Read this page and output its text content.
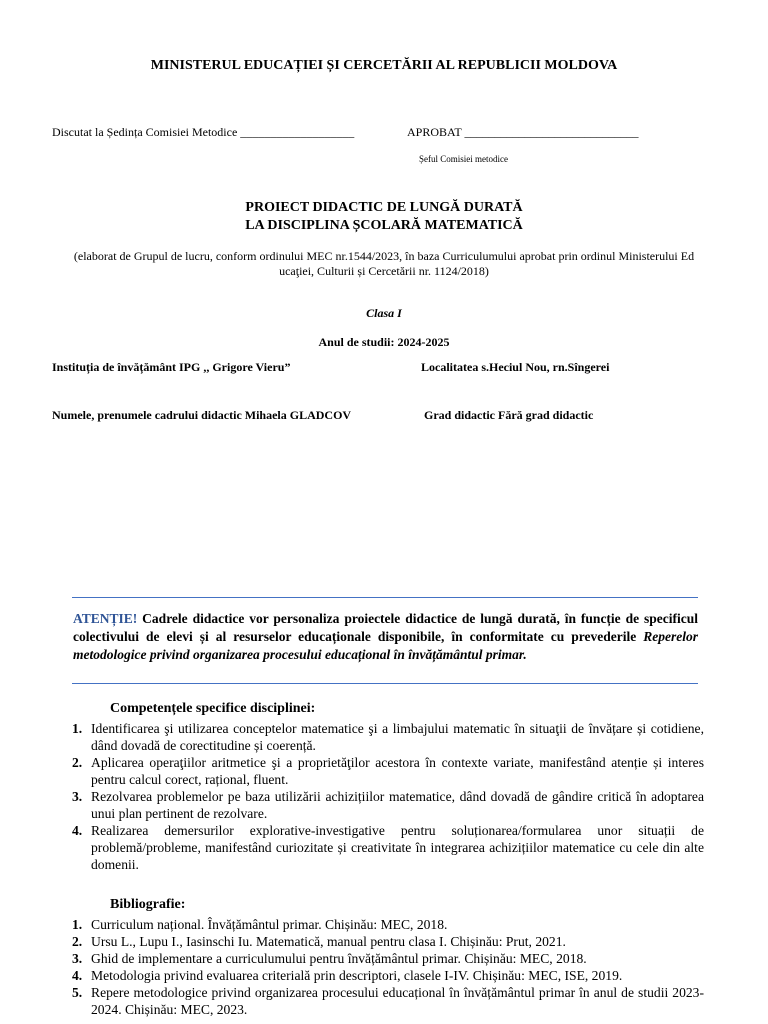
MINISTERUL EDUCAȚIEI ȘI CERCETĂRII AL REPUBLICII MOLDOVA
Discutat la Ședința Comisiei Metodice ___________________	APROBAT _____________________________
Șeful Comisiei metodice
PROIECT DIDACTIC DE LUNGĂ DURATĂ
LA DISCIPLINA ȘCOLARĂ MATEMATICĂ
(elaborat de Grupul de lucru, conform ordinului MEC nr.1544/2023, în baza Curriculumului aprobat prin ordinul Ministerului Ed
ucaţiei, Culturii și Cercetării nr. 1124/2018)
Clasa I
Anul de studii: 2024-2025
Instituția de învățământ IPG ,, Grigore Vieru”	Localitatea s.Heciul Nou, rn.Sîngerei
Numele, prenumele cadrului didactic Mihaela GLADCOV	Grad didactic Fără grad didactic
ATENȚIE! Cadrele didactice vor personaliza proiectele didactice de lungă durată, în funcție de specificul colectivului de elevi și al resurselor educaționale disponibile, în conformitate cu prevederile Reperelor metodologice privind organizarea procesului educațional în învățământul primar.
Competențele specifice disciplinei:
1. Identificarea şi utilizarea conceptelor matematice şi a limbajului matematic în situaţii de învățare și cotidiene, dând dovadă de corectitudine și coerență.
2. Aplicarea operaţiilor aritmetice şi a proprietăţilor acestora în contexte variate, manifestând atenție și interes pentru calcul corect, rațional, fluent.
3. Rezolvarea problemelor pe baza utilizării achizițiilor matematice, dând dovadă de gândire critică în adoptarea unui plan pertinent de rezolvare.
4. Realizarea demersurilor explorative-investigative pentru soluționarea/formularea unor situații de problemă/probleme, manifestând curiozitate și creativitate în integrarea achizițiilor matematice cu cele din alte domenii.
Bibliografie:
1. Curriculum național. Învățământul primar. Chișinău: MEC, 2018.
2. Ursu L., Lupu I., Iasinschi Iu. Matematică, manual pentru clasa I. Chișinău: Prut, 2021.
3. Ghid de implementare a curriculumului pentru învățământul primar. Chișinău: MEC, 2018.
4. Metodologia privind evaluarea criterială prin descriptori, clasele I-IV. Chișinău: MEC, ISE, 2019.
5. Repere metodologice privind organizarea procesului educațional în învățământul primar în anul de studii 2023-2024. Chișinău: MEC, 2023.
